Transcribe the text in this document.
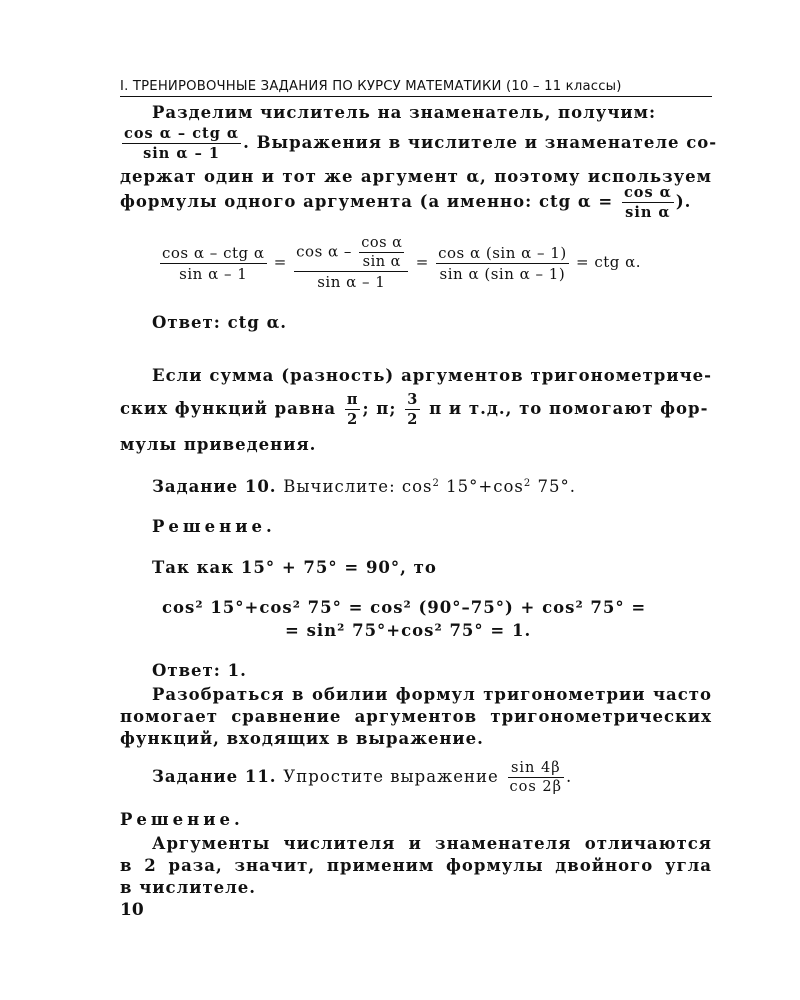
I. ТРЕНИРОВОЧНЫЕ ЗАДАНИЯ ПО КУРСУ МАТЕМАТИКИ (10 – 11 классы)
Разделим числитель на знаменатель, получим:
$\frac{\text{cos α – ctg α}}{\text{sin α – 1}}$ . Выражения в числителе и знаменателе со-
держат один и тот же аргумент α, поэтому используем
формулы одного аргумента (а именно: ctg $\alpha = \frac{\text{cos α}}{\text{sin α}}$ ).
$\frac{\text{cos α – ctg α}}{\text{sin α – 1}} = \frac{\cos \alpha - \frac{\text{cos α}}{\text{sin α}}}{\text{sin α – 1}} = \frac{\text{cos α (sin α – 1)}}{\text{sin α (sin α – 1)}}$ = ctg α.
Ответ: ctg α.
Если сумма (разность) аргументов тригонометриче-
ских функций равна $\frac{\pi}{2}$ ; π; $\frac{3}{2}$ π и т.д., то помогают фор-
мулы приведения.
Задание 10. Вычислите: $\cos^2 15^\circ+\cos^2$ 75°.
Решение.
Так как 15° + 75° = 90°, то
cos² 15°+cos² 75° = cos² (90°–75°) + cos² 75° =
= sin² 75°+cos² 75° = 1.
Ответ: 1.
Разобраться в обилии формул тригонометрии часто
помогает сравнение аргументов тригонометрических
функций, входящих в выражение.
Задание 11. Упростите выражение $\frac{\sin 4\beta}{\cos 2\beta}$ .
Решение.
Аргументы числителя и знаменателя отличаются
в 2 раза, значит, применим формулы двойного угла
в числителе.
10
